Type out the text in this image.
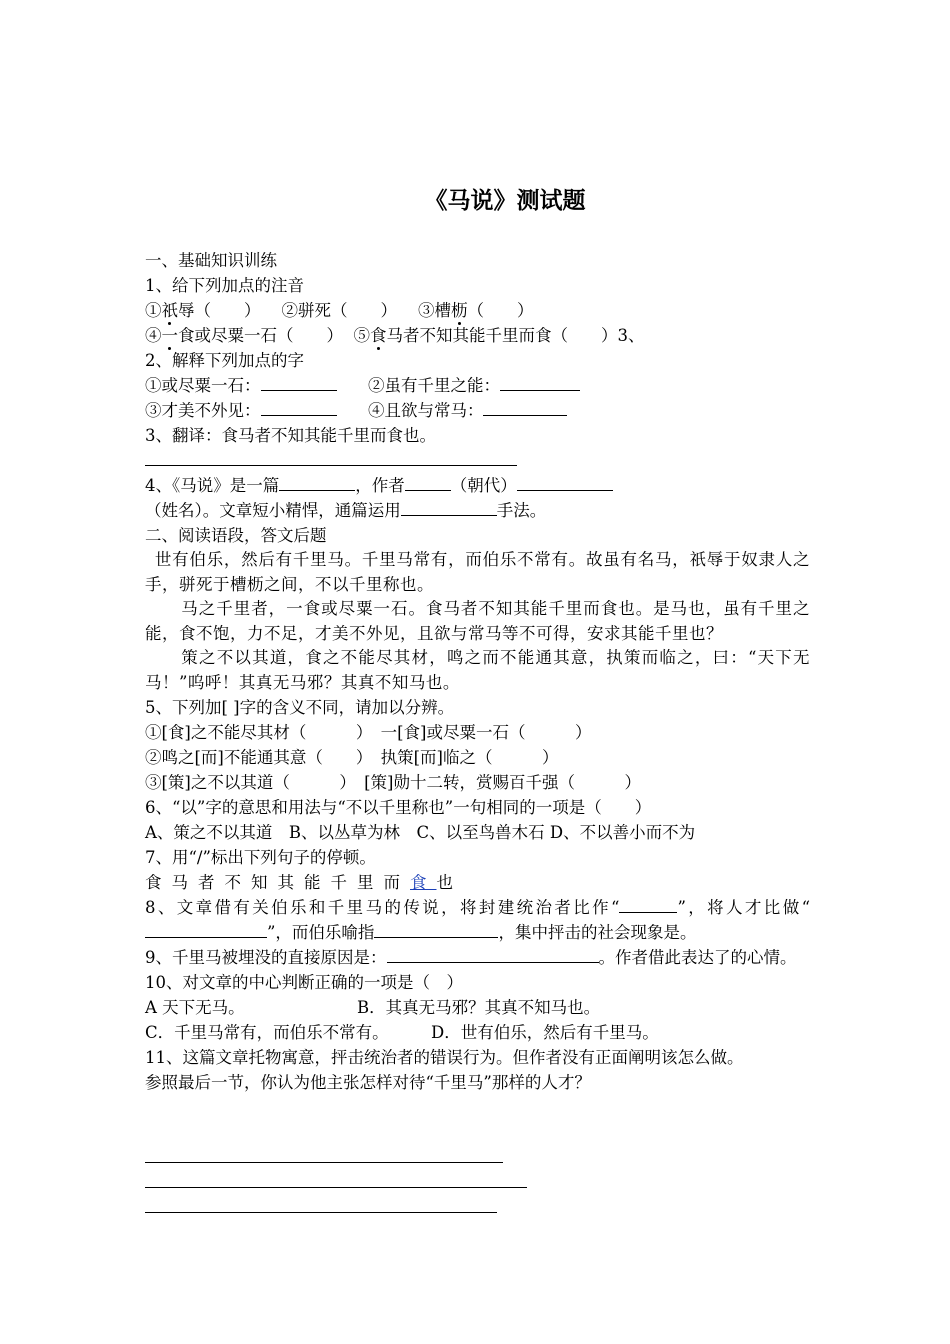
《马说》测试题
一、基础知识训练
1、给下列加点的注音
①祇辱（　　） ②骈死（　　） ③槽枥（　　）
④一食或尽粟一石（　　） ⑤食马者不知其能千里而食（　　）3、
2、解释下列加点的字
①或尽粟一石：	②虽有千里之能：
③才美不外见：	④且欲与常马：
3、翻译：食马者不知其能千里而食也。
4、《马说》是一篇	，作者	（朝代）
（姓名）。文章短小精悍，通篇运用	手法。
二、阅读语段，答文后题
世有伯乐，然后有千里马。千里马常有，而伯乐不常有。故虽有名马，祇辱于奴隶人之手，骈死于槽枥之间，不以千里称也。
马之千里者，一食或尽粟一石。食马者不知其能千里而食也。是马也，虽有千里之能，食不饱，力不足，才美不外见，且欲与常马等不可得，安求其能千里也？
策之不以其道，食之不能尽其材，鸣之而不能通其意，执策而临之，曰：“天下无马！”呜呼！其真无马邪？其真不知马也。
5、下列加[ ]字的含义不同，请加以分辨。
①[食]之不能尽其材（　　　）　一[食]或尽粟一石（　　　）
②鸣之[而]不能通其意（　　）　执策[而]临之（　　　）
③[策]之不以其道（　　　）　[策]勋十二转，赏赐百千强（　　　）
6、“以”字的意思和用法与“不以千里称也”一句相同的一项是（　　）
A、策之不以其道　B、以丛草为林　C、以至鸟兽木石 D、不以善小而不为
7、用“/”标出下列句子的停顿。
食马者不知其能千里而食也
8、文章借有关伯乐和千里马的传说，将封建统治者比作“	”，将人才比做“”，而伯乐喻指	，集中抨击的社会现象是。
9、千里马被埋没的直接原因是：	。作者借此表达了的心情。
10、对文章的中心判断正确的一项是（　）
A 天下无马。	B．其真无马邪？其真不知马也。
C．千里马常有，而伯乐不常有。	D．世有伯乐，然后有千里马。
11、这篇文章托物寓意，抨击统治者的错误行为。但作者没有正面阐明该怎么做。
参照最后一节，你认为他主张怎样对待“千里马”那样的人才？
